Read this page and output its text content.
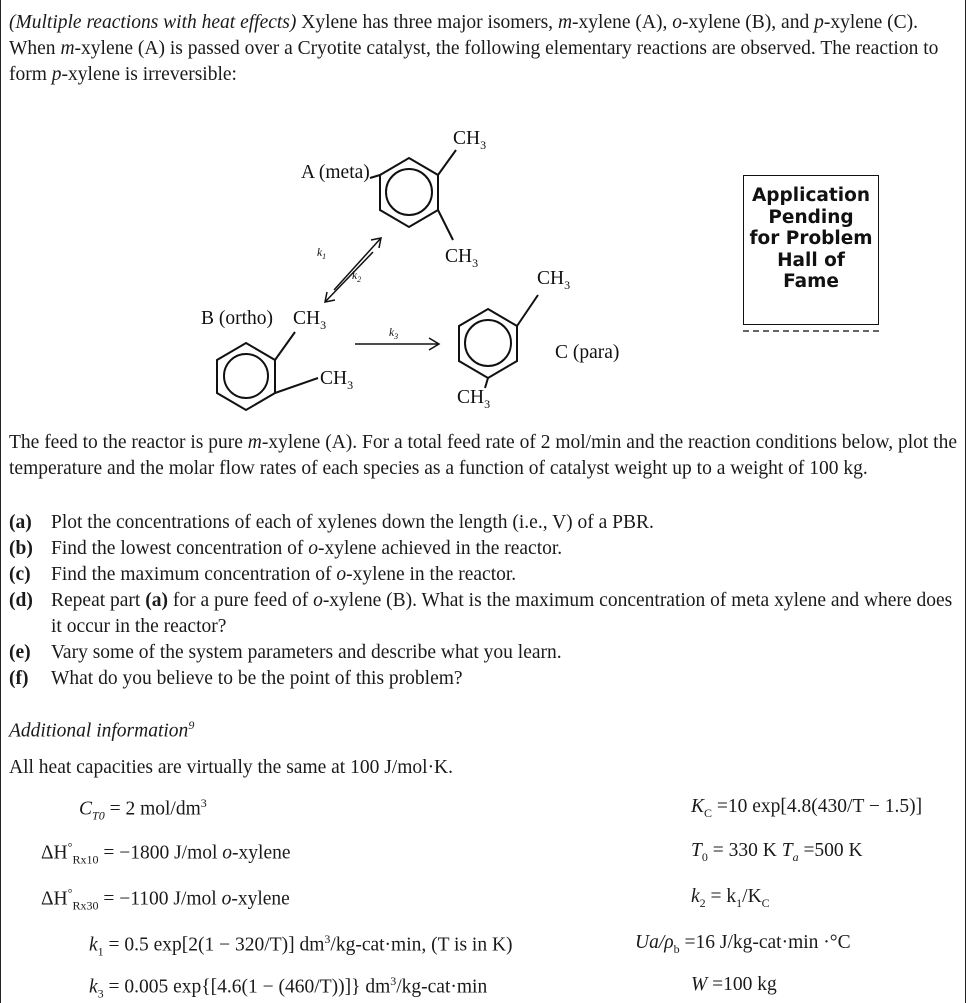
(Multiple reactions with heat effects) Xylene has three major isomers, m-xylene (A), o-xylene (B), and p-xylene (C). When m-xylene (A) is passed over a Cryotite catalyst, the following elementary reactions are observed. The reaction to form p-xylene is irreversible:

A (meta)
$CH_3$
$CH_3$
$k_1$
$k_2$
B (ortho) $CH_3$
$CH_3$
$k_3$
$CH_3$
$CH_3$
C (para)
Application
Pending
for Problem
Hall of
Fame

The feed to the reactor is pure m-xylene (A). For a total feed rate of 2 mol/min and the reaction conditions below, plot the temperature and the molar flow rates of each species as a function of catalyst weight up to a weight of 100 kg.

(a) Plot the concentrations of each of xylenes down the length (i.e., V) of a PBR.

(b) Find the lowest concentration of o-xylene achieved in the reactor.

(c) Find the maximum concentration of o-xylene in the reactor.

(d) Repeat part (a) for a pure feed of o-xylene (B). What is the maximum concentration of meta xylene and where does it occur in the reactor?

(e) Vary some of the system parameters and describe what you learn.

(f) What do you believe to be the point of this problem?

Additional information$^9$
All heat capacities are virtually the same at 100 J/mol·K.
$C_{T0} = 2$ mol/$dm^3$	$K_C =10$ exp[4.8(430/T − 1.5)]
$\Delta H^\circ_{Rx10} = -1800$ J/mol o-xylene	$T_0 = 330$ K $T_a =500$ K
$\Delta H^\circ_{Rx30} = -1100$ J/mol o-xylene	$k_2 = k_1/K_C$
$k_1 = 0.5$ exp[2(1 − 320/T)] $dm^3/kg-cat\cdot\min$, (T is in K)	$Ua/\rho_b =16$ J/kg-cat·min ·°C
$k_3 = 0.005$ exp{[4.6(1 − (460/T))]} $dm^3/kg-cat\cdot\min$	W =100 kg
